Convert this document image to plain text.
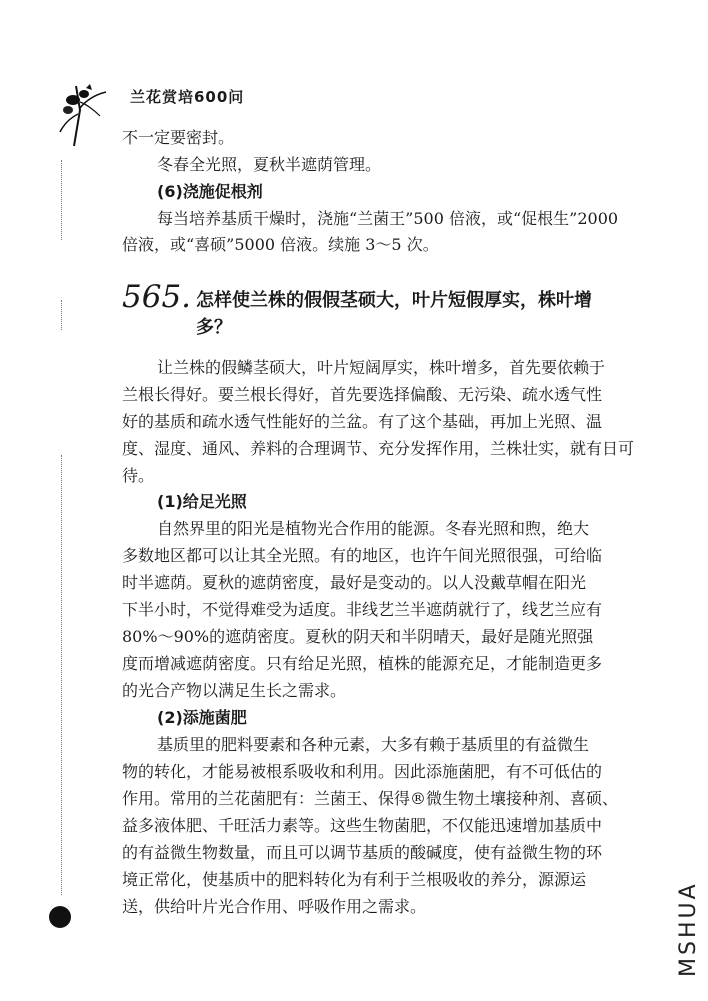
兰花赏培600问
不一定要密封。
冬春全光照，夏秋半遮荫管理。
(6)浇施促根剂
每当培养基质干燥时，浇施“兰菌王”500 倍液，或“促根生”2000
倍液，或“喜硕”5000 倍液。续施 3～5 次。
565. 怎样使兰株的假假茎硕大，叶片短假厚实，株叶增
多？
让兰株的假鳞茎硕大，叶片短阔厚实，株叶增多，首先要依赖于
兰根长得好。要兰根长得好，首先要选择偏酸、无污染、疏水透气性
好的基质和疏水透气性能好的兰盆。有了这个基础，再加上光照、温
度、湿度、通风、养料的合理调节、充分发挥作用，兰株壮实，就有日可
待。
(1)给足光照
自然界里的阳光是植物光合作用的能源。冬春光照和煦，绝大
多数地区都可以让其全光照。有的地区，也许午间光照很强，可给临
时半遮荫。夏秋的遮荫密度，最好是变动的。以人没戴草帽在阳光
下半小时，不觉得难受为适度。非线艺兰半遮荫就行了，线艺兰应有
80%～90%的遮荫密度。夏秋的阴天和半阴晴天，最好是随光照强
度而增减遮荫密度。只有给足光照，植株的能源充足，才能制造更多
的光合产物以满足生长之需求。
(2)添施菌肥
基质里的肥料要素和各种元素，大多有赖于基质里的有益微生
物的转化，才能易被根系吸收和利用。因此添施菌肥，有不可低估的
作用。常用的兰花菌肥有：兰菌王、保得®微生物土壤接种剂、喜硕、
益多液体肥、千旺活力素等。这些生物菌肥，不仅能迅速增加基质中
的有益微生物数量，而且可以调节基质的酸碱度，使有益微生物的环
境正常化，使基质中的肥料转化为有利于兰根吸收的养分，源源运
送，供给叶片光合作用、呼吸作用之需求。	MSHUA
